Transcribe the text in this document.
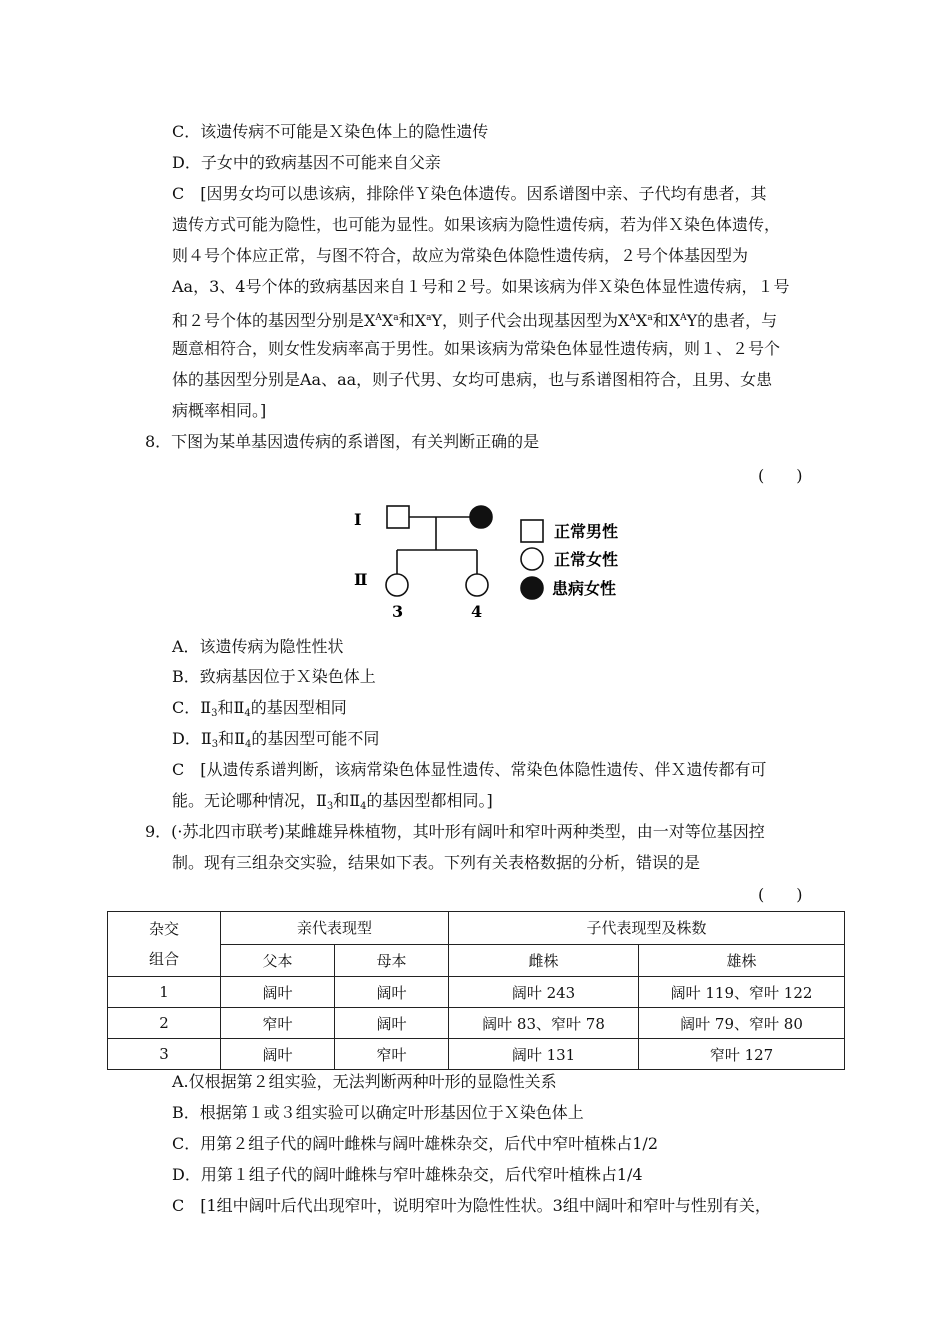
C．该遗传病不可能是Ｘ染色体上的隐性遗传
D．子女中的致病基因不可能来自父亲
C　[因男女均可以患该病，排除伴Ｙ染色体遗传。因系谱图中亲、子代均有患者，其
遗传方式可能为隐性，也可能为显性。如果该病为隐性遗传病，若为伴Ｘ染色体遗传，
则４号个体应正常，与图不符合，故应为常染色体隐性遗传病，２号个体基因型为
Aa，3、4号个体的致病基因来自１号和２号。如果该病为伴Ｘ染色体显性遗传病，１号
和２号个体的基因型分别是$X^AX^a$和$X^aY$，则子代会出现基因型为$X^AX^a$和$X^AY$的患者，与
题意相符合，则女性发病率高于男性。如果该病为常染色体显性遗传病，则１、２号个
体的基因型分别是Aa、aa，则子代男、女均可患病，也与系谱图相符合，且男、女患
病概率相同。]
8．下图为某单基因遗传病的系谱图，有关判断正确的是
(　　)
Ⅰ
Ⅱ
3	4
正常男性
正常女性
患病女性
A．该遗传病为隐性性状
B．致病基因位于Ｘ染色体上
C．$Ⅱ_3$和$Ⅱ_4$的基因型相同
D．$Ⅱ_3$和$Ⅱ_4$的基因型可能不同
C　[从遗传系谱判断，该病常染色体显性遗传、常染色体隐性遗传、伴Ｘ遗传都有可
能。无论哪种情况，$Ⅱ_3$和$Ⅱ_4$的基因型都相同。]
9．(·苏北四市联考)某雌雄异株植物，其叶形有阔叶和窄叶两种类型，由一对等位基因控
制。现有三组杂交实验，结果如下表。下列有关表格数据的分析，错误的是
(　　)
杂交
组合	亲代表现型		子代表现型及株数	
	父本	母本	雌株	雄株
1	阔叶	阔叶	阔叶 243	阔叶 119、窄叶 122
2	窄叶	阔叶	阔叶 83、窄叶 78	阔叶 79、窄叶 80
3	阔叶	窄叶	阔叶 131	窄叶 127
A.仅根据第２组实验，无法判断两种叶形的显隐性关系
B．根据第１或３组实验可以确定叶形基因位于Ｘ染色体上
C．用第２组子代的阔叶雌株与阔叶雄株杂交，后代中窄叶植株占1/2
D．用第１组子代的阔叶雌株与窄叶雄株杂交，后代窄叶植株占1/4
C　[1组中阔叶后代出现窄叶，说明窄叶为隐性性状。3组中阔叶和窄叶与性别有关，
